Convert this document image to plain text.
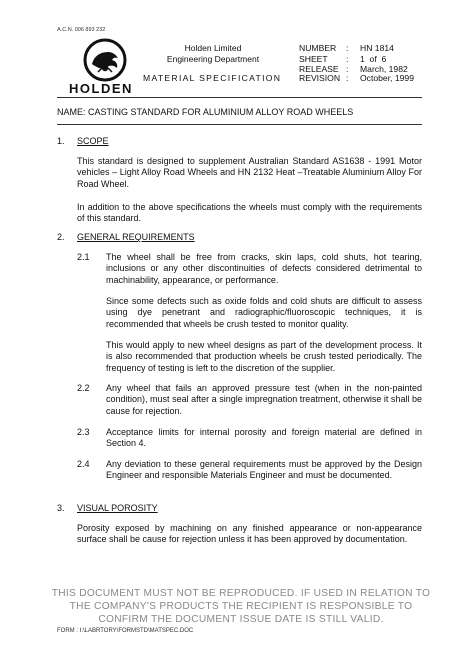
A.C.N. 006 893 232
HOLDEN
Holden Limited
Engineering Department
MATERIAL SPECIFICATION
NUMBER : HN 1814
SHEET : 1  of  6
RELEASE : March, 1982
REVISION : October, 1999
NAME: CASTING STANDARD FOR ALUMINIUM ALLOY ROAD WHEELS
1. SCOPE
This standard is designed to supplement Australian Standard AS1638 - 1991 Motor vehicles – Light Alloy Road Wheels and HN 2132 Heat –Treatable Aluminium Alloy For Road Wheel.
In addition to the above specifications the wheels must comply with the requirements of this standard.
2. GENERAL REQUIREMENTS
2.1 The wheel shall be free from cracks, skin laps, cold shuts, hot tearing, inclusions or any other discontinuities of defects considered detrimental to machinability, appearance, or performance.
Since some defects such as oxide folds and cold shuts are difficult to assess using dye penetrant and radiographic/fluoroscopic techniques, it is recommended that wheels be crush tested to monitor quality.
This would apply to new wheel designs as part of the development process. It is also recommended that production wheels be crush tested periodically. The frequency of testing is left to the discretion of the supplier.
2.2 Any wheel that fails an approved pressure test (when in the non-painted condition), must seal after a single impregnation treatment, otherwise it shall be cause for rejection.
2.3 Acceptance limits for internal porosity and foreign material are defined in Section 4.
2.4 Any deviation to these general requirements must be approved by the Design Engineer and responsible Materials Engineer and must be documented.
3. VISUAL POROSITY
Porosity exposed by machining on any finished appearance or non-appearance surface shall be cause for rejection unless it has been approved by documentation.
THIS DOCUMENT MUST NOT BE REPRODUCED. IF USED IN RELATION TO
THE COMPANY'S PRODUCTS THE RECIPIENT IS RESPONSIBLE TO
CONFIRM THE DOCUMENT ISSUE DATE IS STILL VALID.
FORM : I:\LABRTORY\FORMSTD\MATSPEC.DOC
